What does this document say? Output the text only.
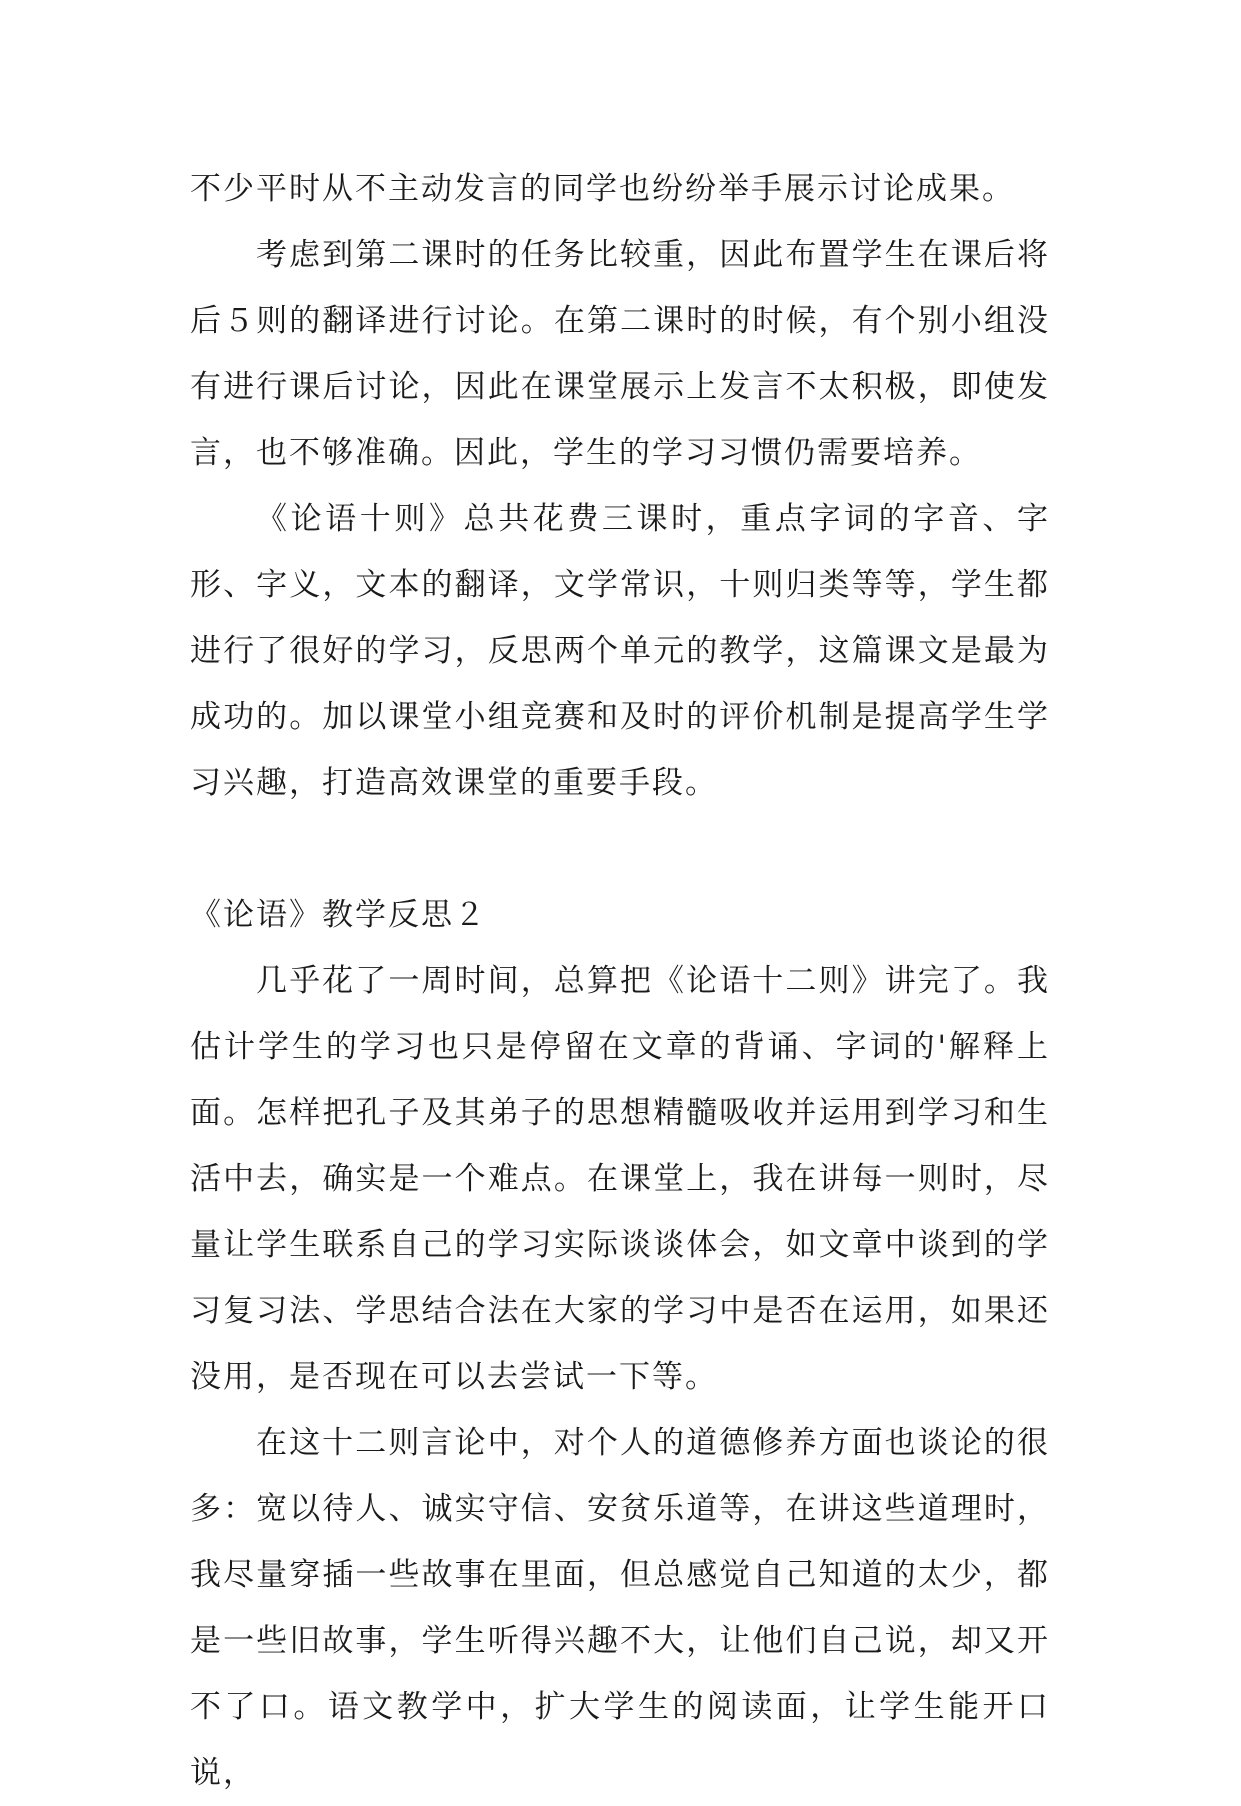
不少平时从不主动发言的同学也纷纷举手展示讨论成果。

考虑到第二课时的任务比较重，因此布置学生在课后将后５则的翻译进行讨论。在第二课时的时候，有个别小组没有进行课后讨论，因此在课堂展示上发言不太积极，即使发言，也不够准确。因此，学生的学习习惯仍需要培养。

《论语十则》总共花费三课时，重点字词的字音、字形、字义，文本的翻译，文学常识，十则归类等等，学生都进行了很好的学习，反思两个单元的教学，这篇课文是最为成功的。加以课堂小组竞赛和及时的评价机制是提高学生学习兴趣，打造高效课堂的重要手段。

《论语》教学反思２

几乎花了一周时间，总算把《论语十二则》讲完了。我估计学生的学习也只是停留在文章的背诵、字词的'解释上面。怎样把孔子及其弟子的思想精髓吸收并运用到学习和生活中去，确实是一个难点。在课堂上，我在讲每一则时，尽量让学生联系自己的学习实际谈谈体会，如文章中谈到的学习复习法、学思结合法在大家的学习中是否在运用，如果还没用，是否现在可以去尝试一下等。

在这十二则言论中，对个人的道德修养方面也谈论的很多：宽以待人、诚实守信、安贫乐道等，在讲这些道理时，我尽量穿插一些故事在里面，但总感觉自己知道的太少，都是一些旧故事，学生听得兴趣不大，让他们自己说，却又开不了口。语文教学中，扩大学生的阅读面，让学生能开口说，
